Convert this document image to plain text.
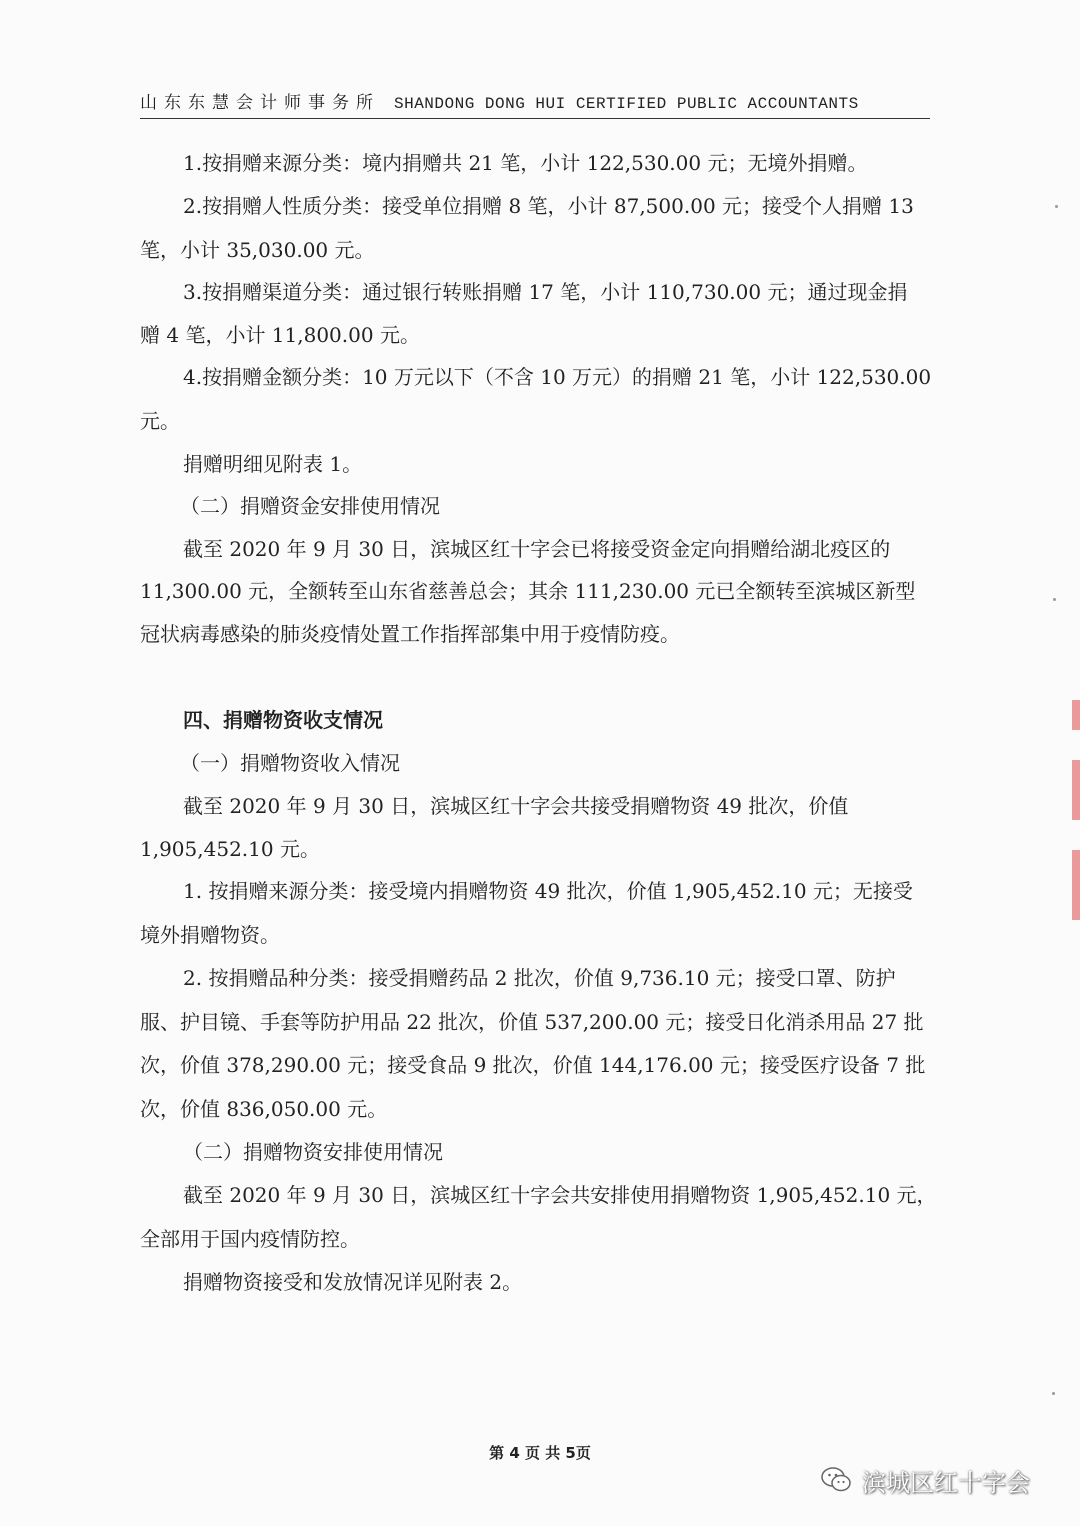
山东东慧会计师事务所 SHANDONG DONG HUI CERTIFIED PUBLIC ACCOUNTANTS
1.按捐赠来源分类：境内捐赠共 21 笔，小计 122,530.00 元；无境外捐赠。
2.按捐赠人性质分类：接受单位捐赠 8 笔，小计 87,500.00 元；接受个人捐赠 13
笔，小计 35,030.00 元。
3.按捐赠渠道分类：通过银行转账捐赠 17 笔，小计 110,730.00 元；通过现金捐
赠 4 笔，小计 11,800.00 元。
4.按捐赠金额分类：10 万元以下（不含 10 万元）的捐赠 21 笔，小计 122,530.00
元。
捐赠明细见附表 1。
（二）捐赠资金安排使用情况
截至 2020 年 9 月 30 日，滨城区红十字会已将接受资金定向捐赠给湖北疫区的
11,300.00 元，全额转至山东省慈善总会；其余 111,230.00 元已全额转至滨城区新型
冠状病毒感染的肺炎疫情处置工作指挥部集中用于疫情防疫。
四、捐赠物资收支情况
（一）捐赠物资收入情况
截至 2020 年 9 月 30 日，滨城区红十字会共接受捐赠物资 49 批次，价值
1,905,452.10 元。
1. 按捐赠来源分类：接受境内捐赠物资 49 批次，价值 1,905,452.10 元；无接受
境外捐赠物资。
2. 按捐赠品种分类：接受捐赠药品 2 批次，价值 9,736.10 元；接受口罩、防护
服、护目镜、手套等防护用品 22 批次，价值 537,200.00 元；接受日化消杀用品 27 批
次，价值 378,290.00 元；接受食品 9 批次，价值 144,176.00 元；接受医疗设备 7 批
次，价值 836,050.00 元。
（二）捐赠物资安排使用情况
截至 2020 年 9 月 30 日，滨城区红十字会共安排使用捐赠物资 1,905,452.10 元，
全部用于国内疫情防控。
捐赠物资接受和发放情况详见附表 2。
第 4 页 共 5页
滨城区红十字会
